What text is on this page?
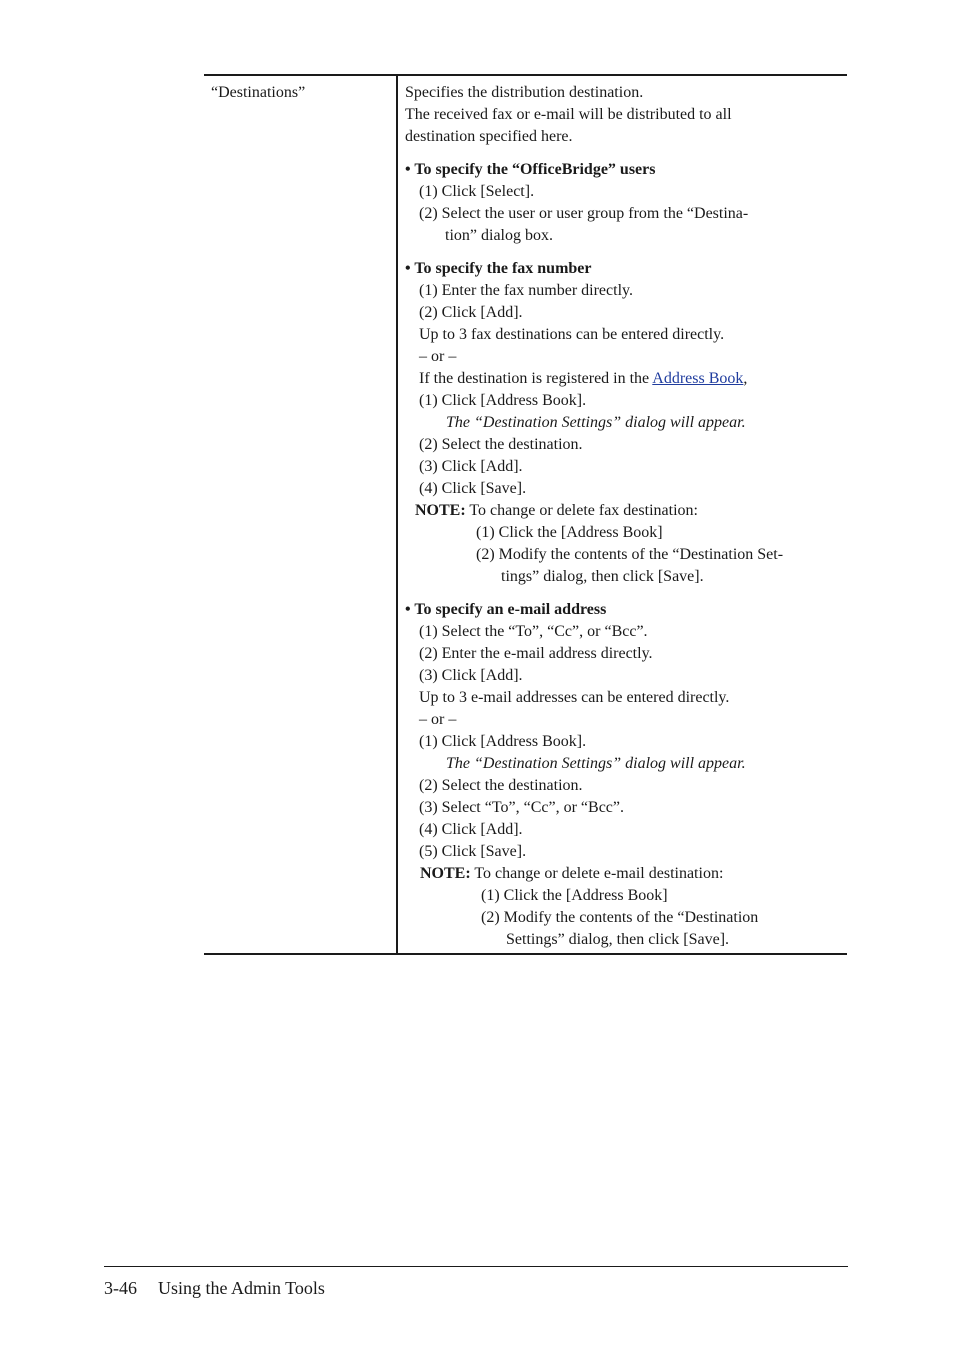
“Destinations”	Specifies the distribution destination.
The received fax or e-mail will be distributed to all
destination specified here.
• To specify the “OfficeBridge” users
(1) Click [Select].
(2) Select the user or user group from the “Destina-
tion” dialog box.
• To specify the fax number
(1) Enter the fax number directly.
(2) Click [Add].
Up to 3 fax destinations can be entered directly.
– or –
If the destination is registered in the Address Book,
(1) Click [Address Book].
The “Destination Settings” dialog will appear.
(2) Select the destination.
(3) Click [Add].
(4) Click [Save].
NOTE: To change or delete fax destination:
(1) Click the [Address Book]
(2) Modify the contents of the “Destination Set-
tings” dialog, then click [Save].
• To specify an e-mail address
(1) Select the “To”, “Cc”, or “Bcc”.
(2) Enter the e-mail address directly.
(3) Click [Add].
Up to 3 e-mail addresses can be entered directly.
– or –
(1) Click [Address Book].
The “Destination Settings” dialog will appear.
(2) Select the destination.
(3) Select “To”, “Cc”, or “Bcc”.
(4) Click [Add].
(5) Click [Save].
NOTE: To change or delete e-mail destination:
(1) Click the [Address Book]
(2) Modify the contents of the “Destination
Settings” dialog, then click [Save].
3-46 Using the Admin Tools
